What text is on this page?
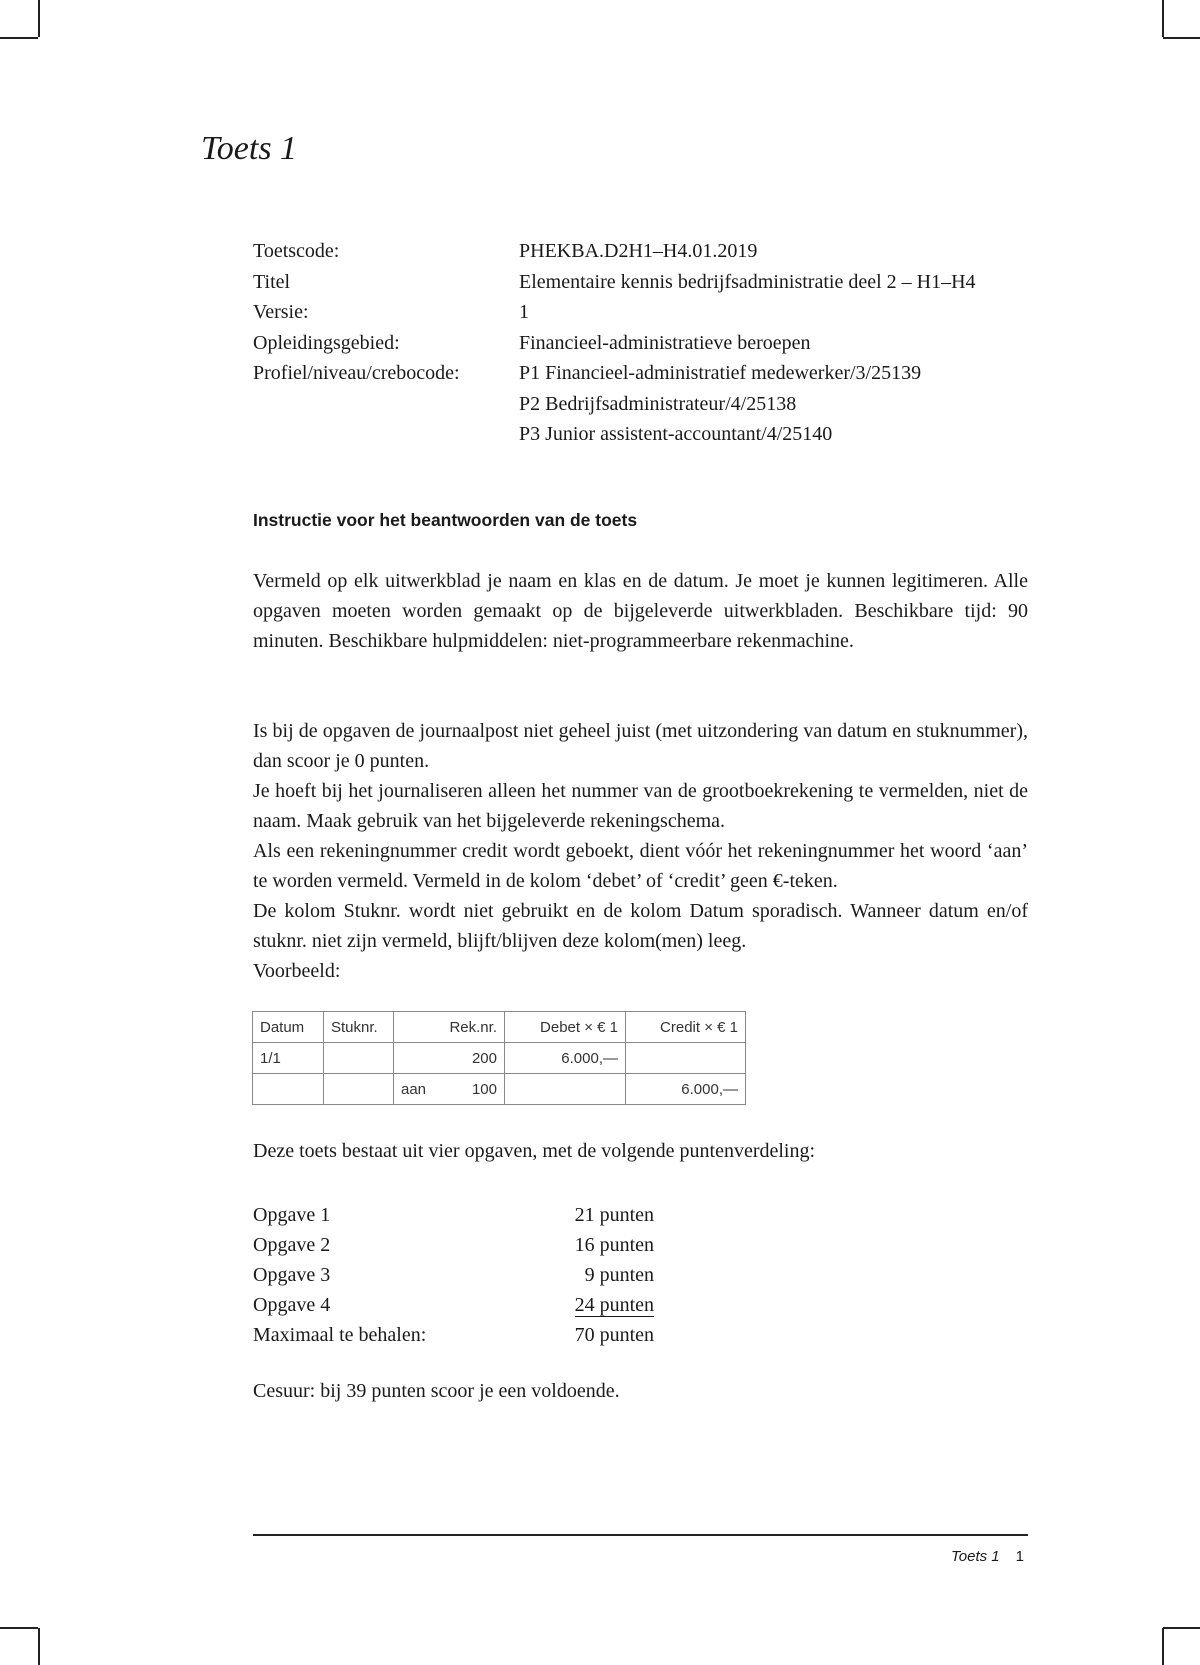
Toets 1
Toetscode:	PHEKBA.D2H1–H4.01.2019
Titel	Elementaire kennis bedrijfsadministratie deel 2 – H1–H4
Versie:	1
Opleidingsgebied:	Financieel-administratieve beroepen
Profiel/niveau/crebocode:	P1 Financieel-administratief medewerker/3/25139
P2 Bedrijfsadministrateur/4/25138
P3 Junior assistent-accountant/4/25140
Instructie voor het beantwoorden van de toets

Vermeld op elk uitwerkblad je naam en klas en de datum. Je moet je kunnen legitimeren. Alle opgaven moeten worden gemaakt op de bijgeleverde uitwerkbladen. Beschikbare tijd: 90 minuten. Beschikbare hulpmiddelen: niet-programmeerbare rekenmachine.

Is bij de opgaven de journaalpost niet geheel juist (met uitzondering van datum en stuknummer), dan scoor je 0 punten.

Je hoeft bij het journaliseren alleen het nummer van de grootboekrekening te vermelden, niet de naam. Maak gebruik van het bijgeleverde rekeningschema.

Als een rekeningnummer credit wordt geboekt, dient vóór het rekeningnummer het woord ‘aan’ te worden vermeld. Vermeld in de kolom ‘debet’ of ‘credit’ geen €-teken.

De kolom Stuknr. wordt niet gebruikt en de kolom Datum sporadisch. Wanneer datum en/of stuknr. niet zijn vermeld, blijft/blijven deze kolom(men) leeg.

Voorbeeld:

Datum	Stuknr.	Rek.nr.	Debet × € 1	Credit × € 1
1/1		200	6.000,—	

		aan 100		6.000,—
Deze toets bestaat uit vier opgaven, met de volgende puntenverdeling:
Opgave 1	21 punten
Opgave 2	16 punten
Opgave 3	9 punten
Opgave 4	24 punten
Maximaal te behalen:	70 punten
Cesuur: bij 39 punten scoor je een voldoende.
Toets 1 1
